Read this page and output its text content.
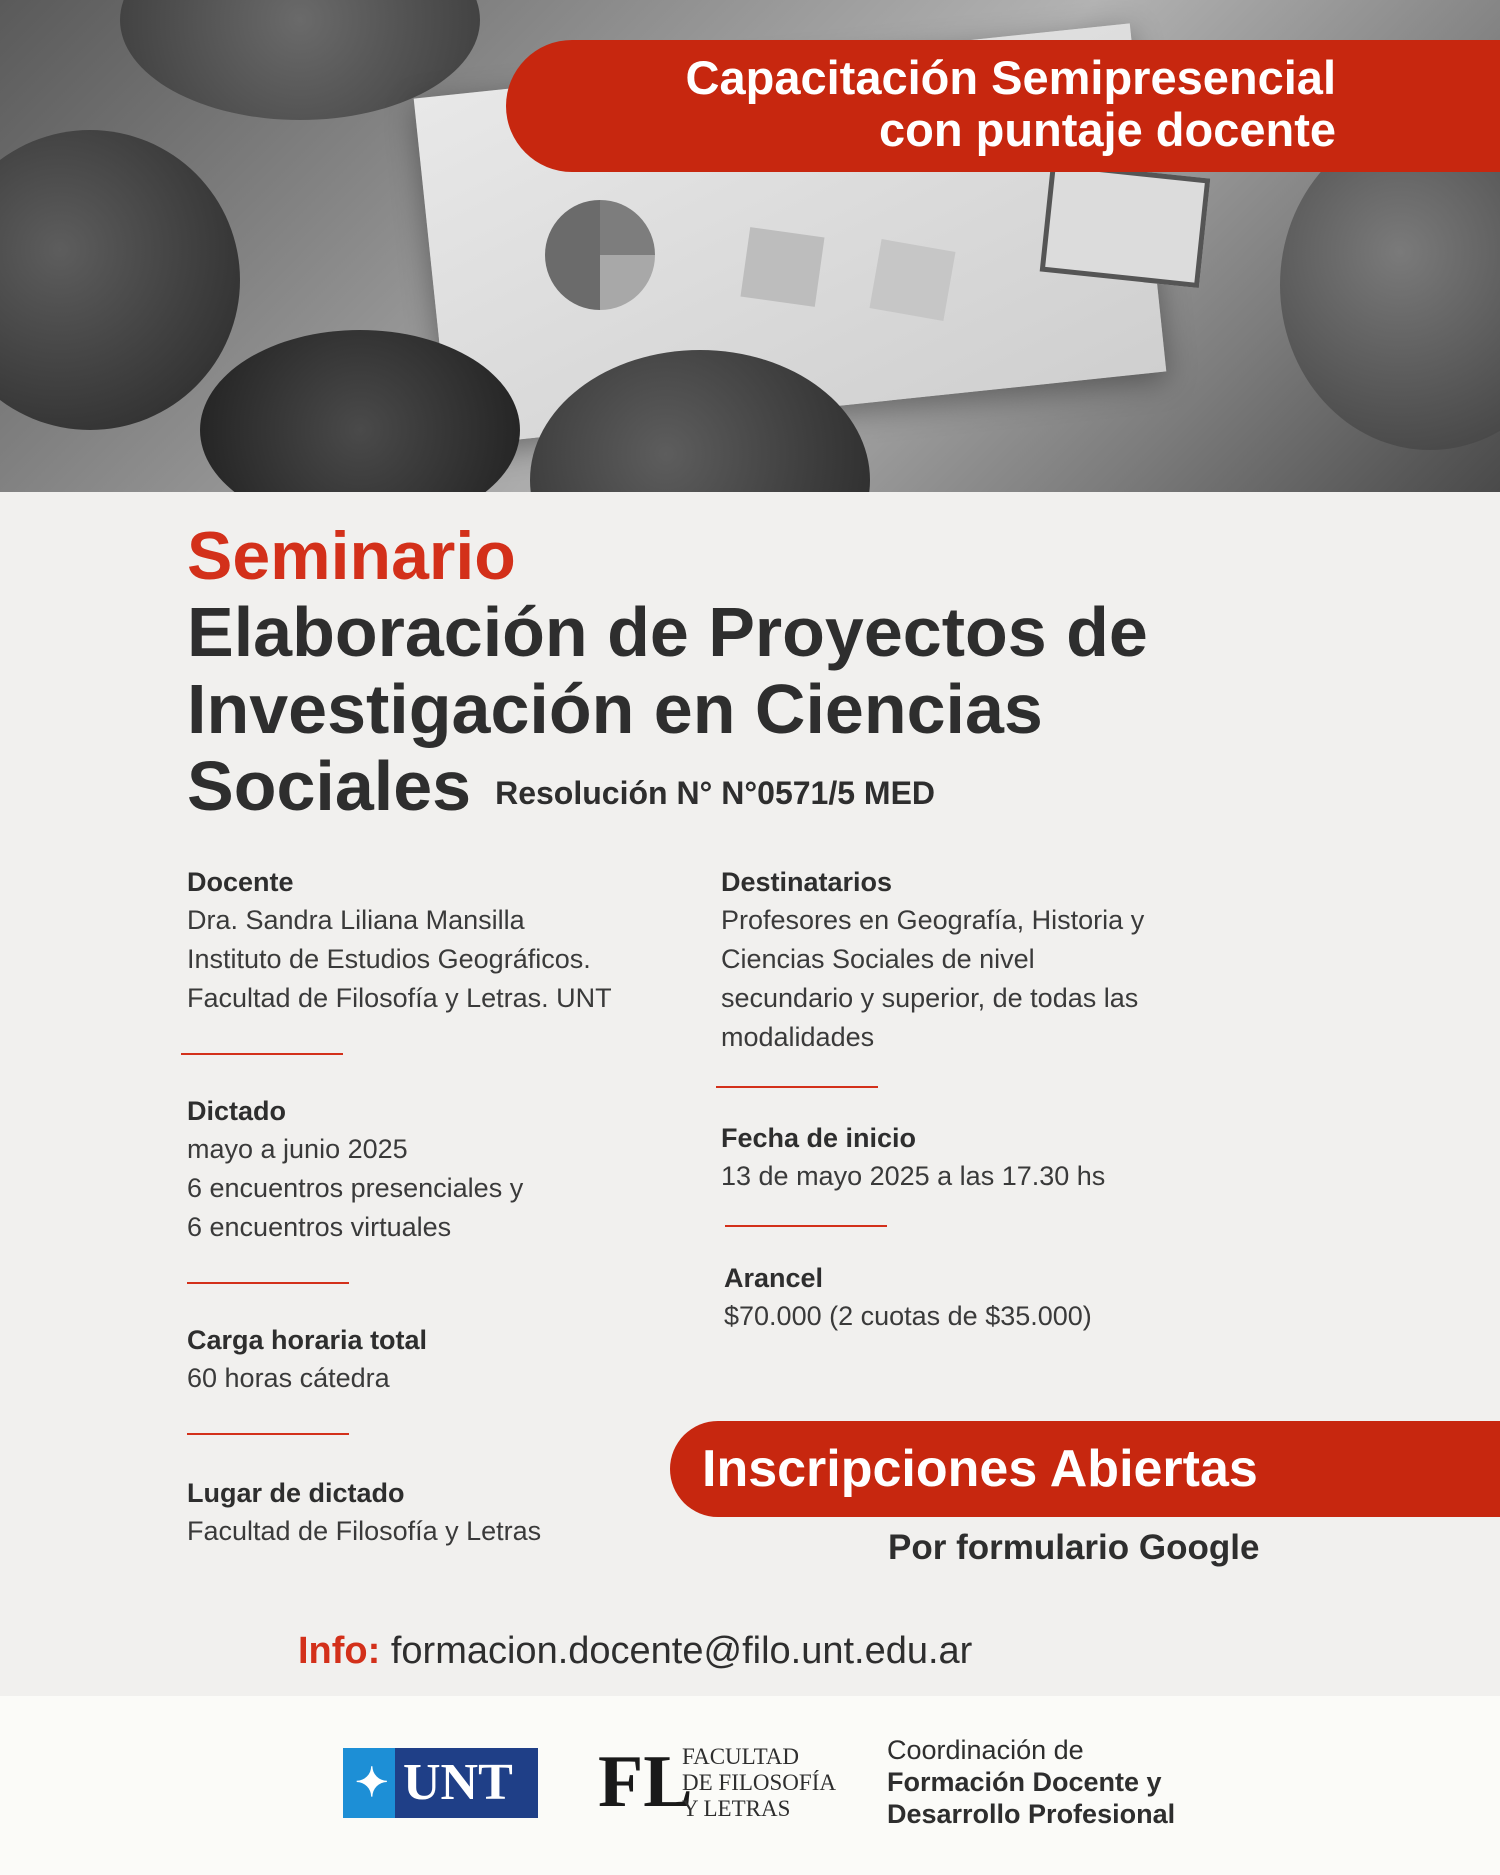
Capacitación Semipresencial
con puntaje docente
Seminario
Elaboración de Proyectos de
Investigación en Ciencias
Sociales Resolución N° N°0571/5 MED
Docente
Dra. Sandra Liliana Mansilla
Instituto de Estudios Geográficos.
Facultad de Filosofía y Letras. UNT
Dictado
mayo a junio 2025
6 encuentros presenciales y
6 encuentros virtuales
Carga horaria total
60 horas cátedra
Lugar de dictado
Facultad de Filosofía y Letras
Destinatarios
Profesores en Geografía, Historia y
Ciencias Sociales de nivel
secundario y superior, de todas las
modalidades
Fecha de inicio
13 de mayo 2025 a las 17.30 hs
Arancel
$70.000 (2 cuotas de $35.000)
Inscripciones Abiertas
Por formulario Google
Info: formacion.docente@filo.unt.edu.ar
✦ UNT FL
FACULTAD
DE FILOSOFÍA
Y LETRAS
Coordinación de
Formación Docente y
Desarrollo Profesional
